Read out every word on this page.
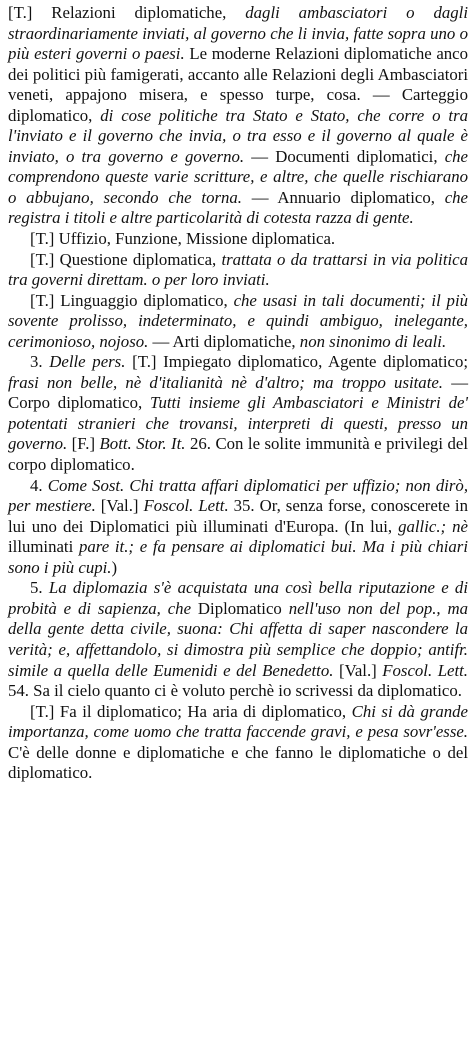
[T.] Relazioni diplomatiche, dagli ambasciatori o dagli straordinariamente inviati, al governo che li invia, fatte sopra uno o più esteri governi o paesi. Le moderne Relazioni diplomatiche anco dei politici più famigerati, accanto alle Relazioni degli Ambasciatori veneti, appajono misera, e spesso turpe, cosa. — Carteggio diplomatico, di cose politiche tra Stato e Stato, che corre o tra l'inviato e il governo che invia, o tra esso e il governo al quale è inviato, o tra governo e governo. — Documenti diplomatici, che comprendono queste varie scritture, e altre, che quelle rischiarano o abbujano, secondo che torna. — Annuario diplomatico, che registra i titoli e altre particolarità di cotesta razza di gente.

[T.] Uffizio, Funzione, Missione diplomatica.

[T.] Questione diplomatica, trattata o da trattarsi in via politica tra governi direttam. o per loro inviati.

[T.] Linguaggio diplomatico, che usasi in tali documenti; il più sovente prolisso, indeterminato, e quindi ambiguo, inelegante, cerimonioso, nojoso. — Arti diplomatiche, non sinonimo di leali.

3. Delle pers. [T.] Impiegato diplomatico, Agente diplomatico; frasi non belle, nè d'italianità nè d'altro; ma troppo usitate. — Corpo diplomatico, Tutti insieme gli Ambasciatori e Ministri de' potentati stranieri che trovansi, interpreti di questi, presso un governo. [F.] Bott. Stor. It. 26. Con le solite immunità e privilegi del corpo diplomatico.

4. Come Sost. Chi tratta affari diplomatici per uffizio; non dirò, per mestiere. [Val.] Foscol. Lett. 35. Or, senza forse, conoscerete in lui uno dei Diplomatici più illuminati d'Europa. (In lui, gallic.; nè illuminati pare it.; e fa pensare ai diplomatici bui. Ma i più chiari sono i più cupi.)

5. La diplomazia s'è acquistata una così bella riputazione e di probità e di sapienza, che Diplomatico nell'uso non del pop., ma della gente detta civile, suona: Chi affetta di saper nascondere la verità; e, affettandolo, si dimostra più semplice che doppio; antifr. simile a quella delle Eumenidi e del Benedetto. [Val.] Foscol. Lett. 54. Sa il cielo quanto ci è voluto perchè io scrivessi da diplomatico.

[T.] Fa il diplomatico; Ha aria di diplomatico, Chi si dà grande importanza, come uomo che tratta faccende gravi, e pesa sovr'esse. C'è delle donne e diplomatiche e che fanno le diplomatiche o del diplomatico.
